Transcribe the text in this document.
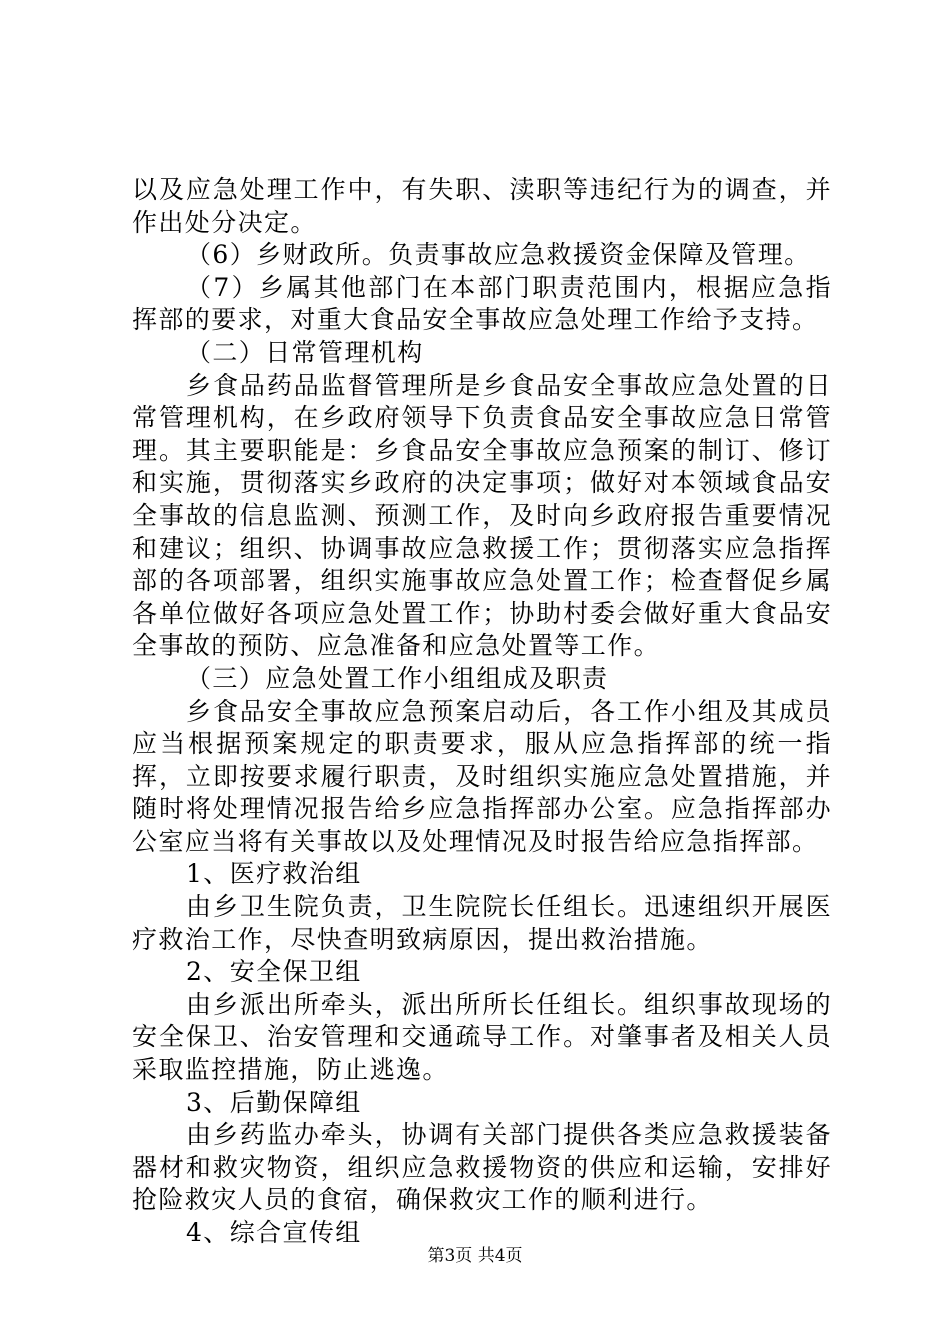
以及应急处理工作中，有失职、渎职等违纪行为的调查，并作出处分决定。

（6）乡财政所。负责事故应急救援资金保障及管理。

（7）乡属其他部门在本部门职责范围内，根据应急指挥部的要求，对重大食品安全事故应急处理工作给予支持。

（二）日常管理机构

乡食品药品监督管理所是乡食品安全事故应急处置的日常管理机构，在乡政府领导下负责食品安全事故应急日常管理。其主要职能是：乡食品安全事故应急预案的制订、修订和实施，贯彻落实乡政府的决定事项；做好对本领域食品安全事故的信息监测、预测工作，及时向乡政府报告重要情况和建议；组织、协调事故应急救援工作；贯彻落实应急指挥部的各项部署，组织实施事故应急处置工作；检查督促乡属各单位做好各项应急处置工作；协助村委会做好重大食品安全事故的预防、应急准备和应急处置等工作。

（三）应急处置工作小组组成及职责

乡食品安全事故应急预案启动后，各工作小组及其成员应当根据预案规定的职责要求，服从应急指挥部的统一指挥，立即按要求履行职责，及时组织实施应急处置措施，并随时将处理情况报告给乡应急指挥部办公室。应急指挥部办公室应当将有关事故以及处理情况及时报告给应急指挥部。

1、医疗救治组

由乡卫生院负责，卫生院院长任组长。迅速组织开展医疗救治工作，尽快查明致病原因，提出救治措施。

2、安全保卫组

由乡派出所牵头，派出所所长任组长。组织事故现场的安全保卫、治安管理和交通疏导工作。对肇事者及相关人员采取监控措施，防止逃逸。

3、后勤保障组

由乡药监办牵头，协调有关部门提供各类应急救援装备器材和救灾物资，组织应急救援物资的供应和运输，安排好抢险救灾人员的食宿，确保救灾工作的顺利进行。

4、综合宣传组

第3页 共4页
